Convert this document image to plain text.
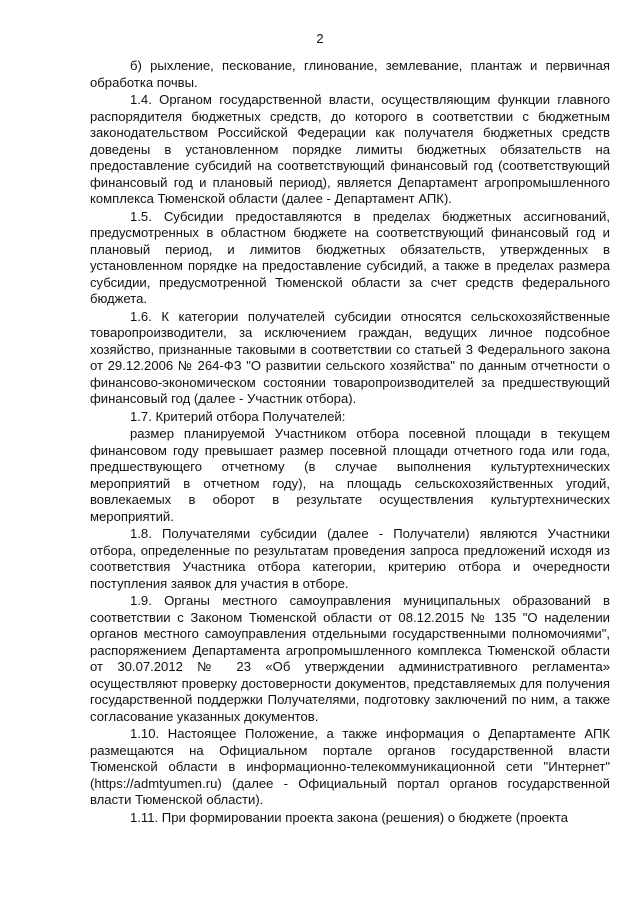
2

б) рыхление, пескование, глинование, землевание, плантаж и первичная обработка почвы.

1.4. Органом государственной власти, осуществляющим функции главного распорядителя бюджетных средств, до которого в соответствии с бюджетным законодательством Российской Федерации как получателя бюджетных средств доведены в установленном порядке лимиты бюджетных обязательств на предоставление субсидий на соответствующий финансовый год (соответствующий финансовый год и плановый период), является Департамент агропромышленного комплекса Тюменской области (далее - Департамент АПК).

1.5. Субсидии предоставляются в пределах бюджетных ассигнований, предусмотренных в областном бюджете на соответствующий финансовый год и плановый период, и лимитов бюджетных обязательств, утвержденных в установленном порядке на предоставление субсидий, а также в пределах размера субсидии, предусмотренной Тюменской области за счет средств федерального бюджета.

1.6. К категории получателей субсидии относятся сельскохозяйственные товаропроизводители, за исключением граждан, ведущих личное подсобное хозяйство, признанные таковыми в соответствии со статьей 3 Федерального закона от 29.12.2006 № 264-ФЗ "О развитии сельского хозяйства" по данным отчетности о финансово-экономическом состоянии товаропроизводителей за предшествующий финансовый год (далее - Участник отбора).

1.7. Критерий отбора Получателей:

размер планируемой Участником отбора посевной площади в текущем финансовом году превышает размер посевной площади отчетного года или года, предшествующего отчетному (в случае выполнения культуртехнических мероприятий в отчетном году), на площадь сельскохозяйственных угодий, вовлекаемых в оборот в результате осуществления культуртехнических мероприятий.

1.8. Получателями субсидии (далее - Получатели) являются Участники отбора, определенные по результатам проведения запроса предложений исходя из соответствия Участника отбора категории, критерию отбора и очередности поступления заявок для участия в отборе.

1.9. Органы местного самоуправления муниципальных образований в соответствии с Законом Тюменской области от 08.12.2015 № 135 "О наделении органов местного самоуправления отдельными государственными полномочиями", распоряжением Департамента агропромышленного комплекса Тюменской области от 30.07.2012 № 23 «Об утверждении административного регламента» осуществляют проверку достоверности документов, представляемых для получения государственной поддержки Получателями, подготовку заключений по ним, а также согласование указанных документов.

1.10. Настоящее Положение, а также информация о Департаменте АПК размещаются на Официальном портале органов государственной власти Тюменской области в информационно-телекоммуникационной сети "Интернет" (https://admtyumen.ru) (далее - Официальный портал органов государственной власти Тюменской области).

1.11. При формировании проекта закона (решения) о бюджете (проекта
